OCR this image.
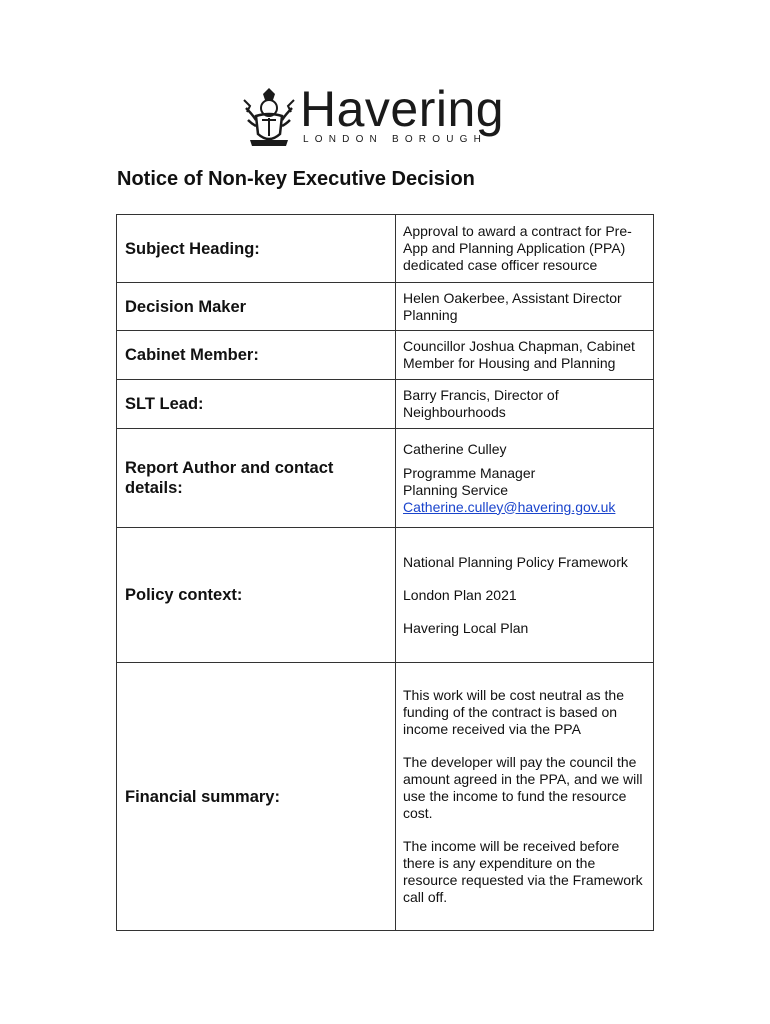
Havering
LONDON BOROUGH
Notice of Non-key Executive Decision
Subject Heading:	Approval to award a contract for Pre-App and Planning Application (PPA) dedicated case officer resource
Decision Maker	Helen Oakerbee, Assistant Director Planning
Cabinet Member:	Councillor Joshua Chapman, Cabinet Member for Housing and Planning
SLT Lead:	Barry Francis, Director of Neighbourhoods
Report Author and contact details:	Catherine Culley

Programme Manager

Planning Service

Catherine.culley@havering.gov.uk

Policy context:	National Planning Policy Framework

London Plan 2021

Havering Local Plan

Financial summary:	This work will be cost neutral as the funding of the contract is based on income received via the PPA

The developer will pay the council the amount agreed in the PPA, and we will use the income to fund the resource cost.

The income will be received before there is any expenditure on the resource requested via the Framework call off.
